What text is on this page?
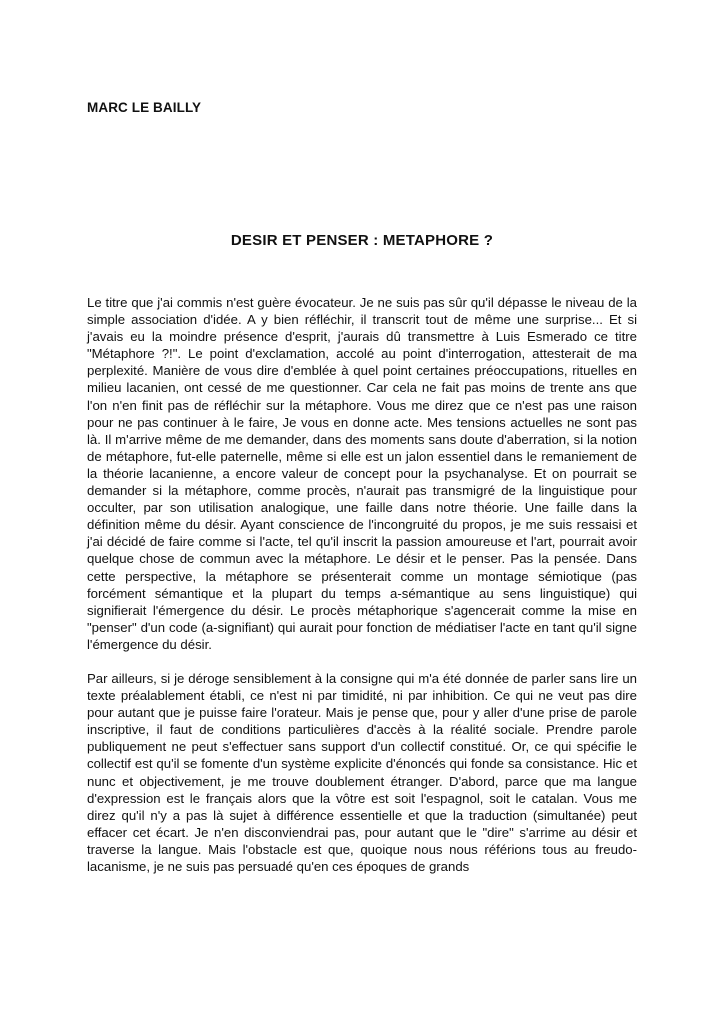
MARC LE BAILLY
DESIR ET PENSER : METAPHORE ?

Le titre que j'ai commis n'est guère évocateur. Je ne suis pas sûr qu'il dépasse le niveau de la simple association d'idée. A y bien réfléchir, il transcrit tout de même une surprise... Et si j'avais eu la moindre présence d'esprit, j'aurais dû transmettre à Luis Esmerado ce titre "Métaphore ?!". Le point d'exclamation, accolé au point d'interrogation, attesterait de ma perplexité. Manière de vous dire d'emblée à quel point certaines préoccupations, rituelles en milieu lacanien, ont cessé de me questionner. Car cela ne fait pas moins de trente ans que l'on n'en finit pas de réfléchir sur la métaphore. Vous me direz que ce n'est pas une raison pour ne pas continuer à le faire, Je vous en donne acte. Mes tensions actuelles ne sont pas là. Il m'arrive même de me demander, dans des moments sans doute d'aberration, si la notion de métaphore, fut-elle paternelle, même si elle est un jalon essentiel dans le remaniement de la théorie lacanienne, a encore valeur de concept pour la psychanalyse. Et on pourrait se demander si la métaphore, comme procès, n'aurait pas transmigré de la linguistique pour occulter, par son utilisation analogique, une faille dans notre théorie. Une faille dans la définition même du désir. Ayant conscience de l'incongruité du propos, je me suis ressaisi et j'ai décidé de faire comme si l'acte, tel qu'il inscrit la passion amoureuse et l'art, pourrait avoir quelque chose de commun avec la métaphore. Le désir et le penser. Pas la pensée. Dans cette perspective, la métaphore se présenterait comme un montage sémiotique (pas forcément sémantique et la plupart du temps a-sémantique au sens linguistique) qui signifierait l'émergence du désir. Le procès métaphorique s'agencerait comme la mise en "penser" d'un code (a-signifiant) qui aurait pour fonction de médiatiser l'acte en tant qu'il signe l'émergence du désir.

Par ailleurs, si je déroge sensiblement à la consigne qui m'a été donnée de parler sans lire un texte préalablement établi, ce n'est ni par timidité, ni par inhibition. Ce qui ne veut pas dire pour autant que je puisse faire l'orateur. Mais je pense que, pour y aller d'une prise de parole inscriptive, il faut de conditions particulières d'accès à la réalité sociale. Prendre parole publiquement ne peut s'effectuer sans support d'un collectif constitué. Or, ce qui spécifie le collectif est qu'il se fomente d'un système explicite d'énoncés qui fonde sa consistance. Hic et nunc et objectivement, je me trouve doublement étranger. D'abord, parce que ma langue d'expression est le français alors que la vôtre est soit l'espagnol, soit le catalan. Vous me direz qu'il n'y a pas là sujet à différence essentielle et que la traduction (simultanée) peut effacer cet écart. Je n'en disconviendrai pas, pour autant que le "dire" s'arrime au désir et traverse la langue. Mais l'obstacle est que, quoique nous nous référions tous au freudo-lacanisme, je ne suis pas persuadé qu'en ces époques de grands
